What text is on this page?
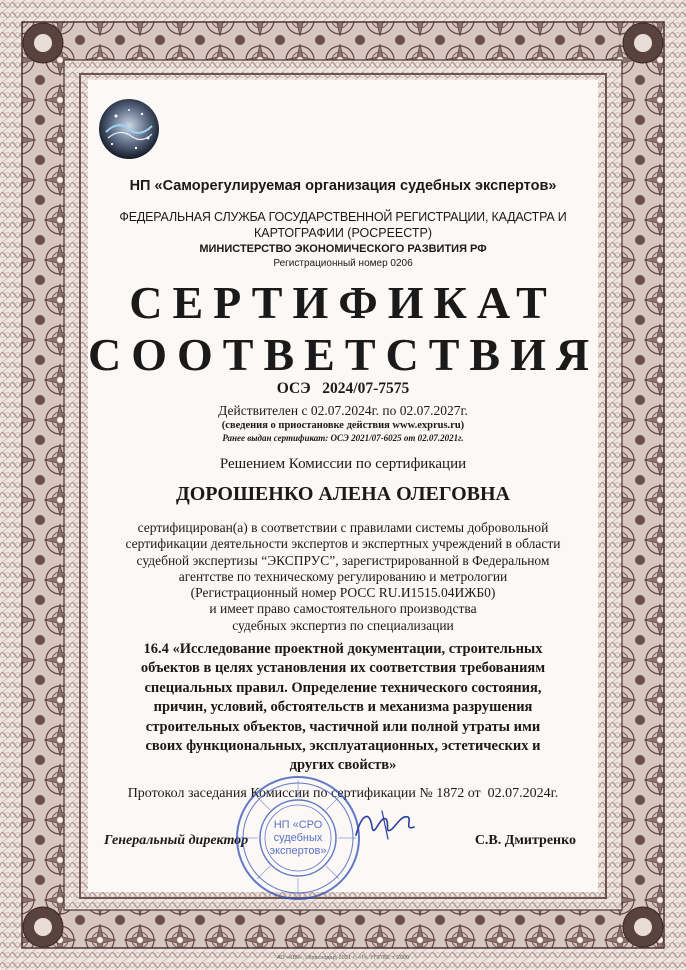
НП «Саморегулируемая организация судебных экспертов»
ФЕДЕРАЛЬНАЯ СЛУЖБА ГОСУДАРСТВЕННОЙ РЕГИСТРАЦИИ, КАДАСТРА И
КАРТОГРАФИИ (РОСРЕЕСТР)
МИНИСТЕРСТВО ЭКОНОМИЧЕСКОГО РАЗВИТИЯ РФ
Регистрационный номер 0206
СЕРТИФИКАТ
СООТВЕТСТВИЯ
ОСЭ   2024/07-7575
Действителен с 02.07.2024г. по 02.07.2027г.
(сведения о приостановке действия www.exprus.ru)
Ранее выдан сертификат: ОСЭ 2021/07-6025 от 02.07.2021г.
Решением Комиссии по сертификации
ДОРОШЕНКО АЛЕНА ОЛЕГОВНА
сертифицирован(а) в соответствии с правилами системы добровольной
сертификации деятельности экспертов и экспертных учреждений в области
судебной экспертизы “ЭКСПРУС”, зарегистрированной в Федеральном
агентстве по техническому регулированию и метрологии
(Регистрационный номер РОСС RU.И1515.04ИЖБ0)
и имеет право самостоятельного производства
судебных экспертиз по специализации
16.4 «Исследование проектной документации, строительных
объектов в целях установления их соответствия требованиям
специальных правил. Определение технического состояния,
причин, условий, обстоятельств и механизма разрушения
строительных объектов, частичной или полной утраты ими
своих функциональных, эксплуатационных, эстетических и
других свойств»
Протокол заседания Комиссии по сертификации № 1872 от  02.07.2024г.
Генеральный директор	С.В. Дмитренко
НП «СРО
судебных
экспертов»
АО «КБК», г.Краснодар, 2021 г., «Г», УГ3783, т. 2000
